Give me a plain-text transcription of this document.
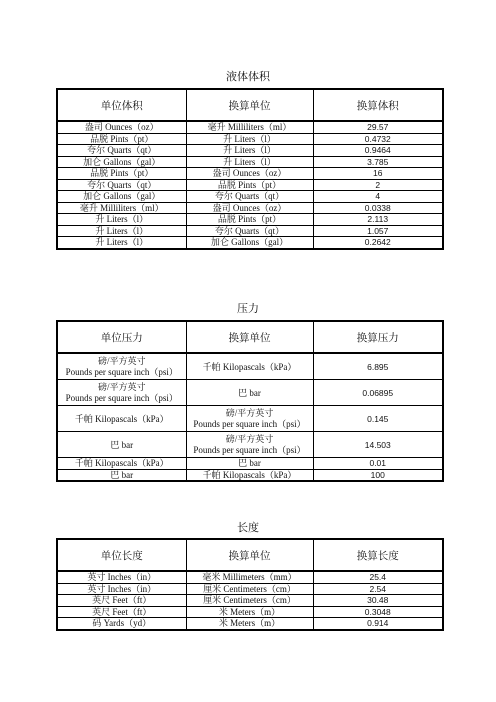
液体体积
单位体积	换算单位	换算体积
盎司 Ounces（oz）	毫升 Milliliters（ml）	29.57
品脱 Pints（pt）	升 Liters（l）	0.4732
夸尔 Quarts（qt）	升 Liters（l）	0.9464
加仑 Gallons（gal）	升 Liters（l）	3.785
品脱 Pints（pt）	盎司 Ounces（oz）	16
夸尔 Quarts（qt）	品脱 Pints（pt）	2
加仑 Gallons（gal）	夸尔 Quarts（qt）	4
毫升 Milliliters（ml）	盎司 Ounces（oz）	0.0338
升 Liters（l）	品脱 Pints（pt）	2.113
升 Liters（l）	夸尔 Quarts（qt）	1.057
升 Liters（l）	加仑 Gallons（gal）	0.2642
压力
单位压力	换算单位	换算压力

磅/平方英寸
Pounds per square inch（psi）	千帕 Kilopascals（kPa）	6.895

磅/平方英寸
Pounds per square inch（psi）	巴 bar	0.06895
千帕 Kilopascals（kPa）	磅/平方英寸
Pounds per square inch（psi）	0.145
巴 bar	磅/平方英寸
Pounds per square inch（psi）	14.503
千帕 Kilopascals（kPa）	巴 bar	0.01
巴 bar	千帕 Kilopascals（kPa）	100
长度
单位长度	换算单位	换算长度
英寸 Inches（in）	毫米 Millimeters（mm）	25.4
英寸 Inches（in）	厘米 Centimeters（cm）	2.54
英尺 Feet（ft）	厘米 Centimeters（cm）	30.48
英尺 Feet（ft）	米 Meters（m）	0.3048
码 Yards（yd）	米 Meters（m）	0.914
